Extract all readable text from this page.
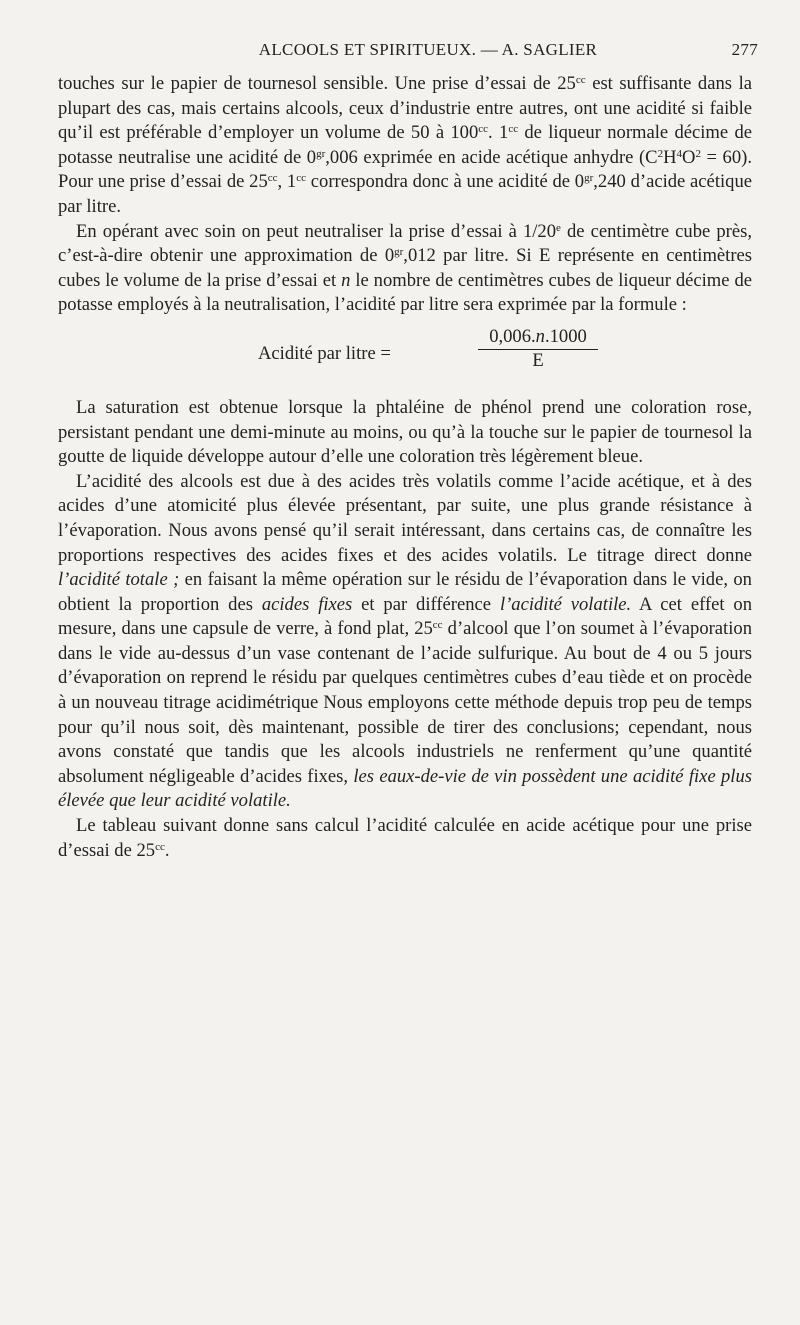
ALCOOLS ET SPIRITUEUX. — A. SAGLIER	277

touches sur le papier de tournesol sensible. Une prise d’essai de $25^{cc}$ est suffisante dans la plupart des cas, mais certains alcools, ceux d’industrie entre autres, ont une acidité si faible qu’il est préférable d’employer un volume de 50 à $100^{cc}$. $1^{cc}$ de liqueur normale décime de potasse neutralise une acidité de $0^{gr},006$ exprimée en acide acétique anhydre $(C^2H^4O^2 = 60)$. Pour une prise d’essai de $25^{cc}$, $1^{cc}$ correspondra donc à une acidité de $0^{gr},240$ d’acide acétique par litre.

En opérant avec soin on peut neutraliser la prise d’essai à 1/20e de centimètre cube près, c’est-à-dire obtenir une approximation de $0^{gr},012$ par litre. Si E représente en centimètres cubes le volume de la prise d’essai et n le nombre de centimètres cubes de liqueur décime de potasse employés à la neutralisation, l’acidité par litre sera exprimée par la formule :

Acidité par litre =	$\frac{0,006.n.1000}{E}$

La saturation est obtenue lorsque la phtaléine de phénol prend une coloration rose, persistant pendant une demi-minute au moins, ou qu’à la touche sur le papier de tournesol la goutte de liquide développe autour d’elle une coloration très légèrement bleue.

L’acidité des alcools est due à des acides très volatils comme l’acide acétique, et à des acides d’une atomicité plus élevée présentant, par suite, une plus grande résistance à l’évaporation. Nous avons pensé qu’il serait intéressant, dans certains cas, de connaître les proportions respectives des acides fixes et des acides volatils. Le titrage direct donne l’acidité totale ; en faisant la même opération sur le résidu de l’évaporation dans le vide, on obtient la proportion des acides fixes et par différence l’acidité volatile. A cet effet on mesure, dans une capsule de verre, à fond plat, $25^{cc}$ d’alcool que l’on soumet à l’évaporation dans le vide au-dessus d’un vase contenant de l’acide sulfurique. Au bout de 4 ou 5 jours d’évaporation on reprend le résidu par quelques centimètres cubes d’eau tiède et on procède à un nouveau titrage acidimétrique Nous employons cette méthode depuis trop peu de temps pour qu’il nous soit, dès maintenant, possible de tirer des conclusions; cependant, nous avons constaté que tandis que les alcools industriels ne renferment qu’une quantité absolument négligeable d’acides fixes, les eaux-de-vie de vin possèdent une acidité fixe plus élevée que leur acidité volatile.

Le tableau suivant donne sans calcul l’acidité calculée en acide acétique pour une prise d’essai de $25^{cc}$.
